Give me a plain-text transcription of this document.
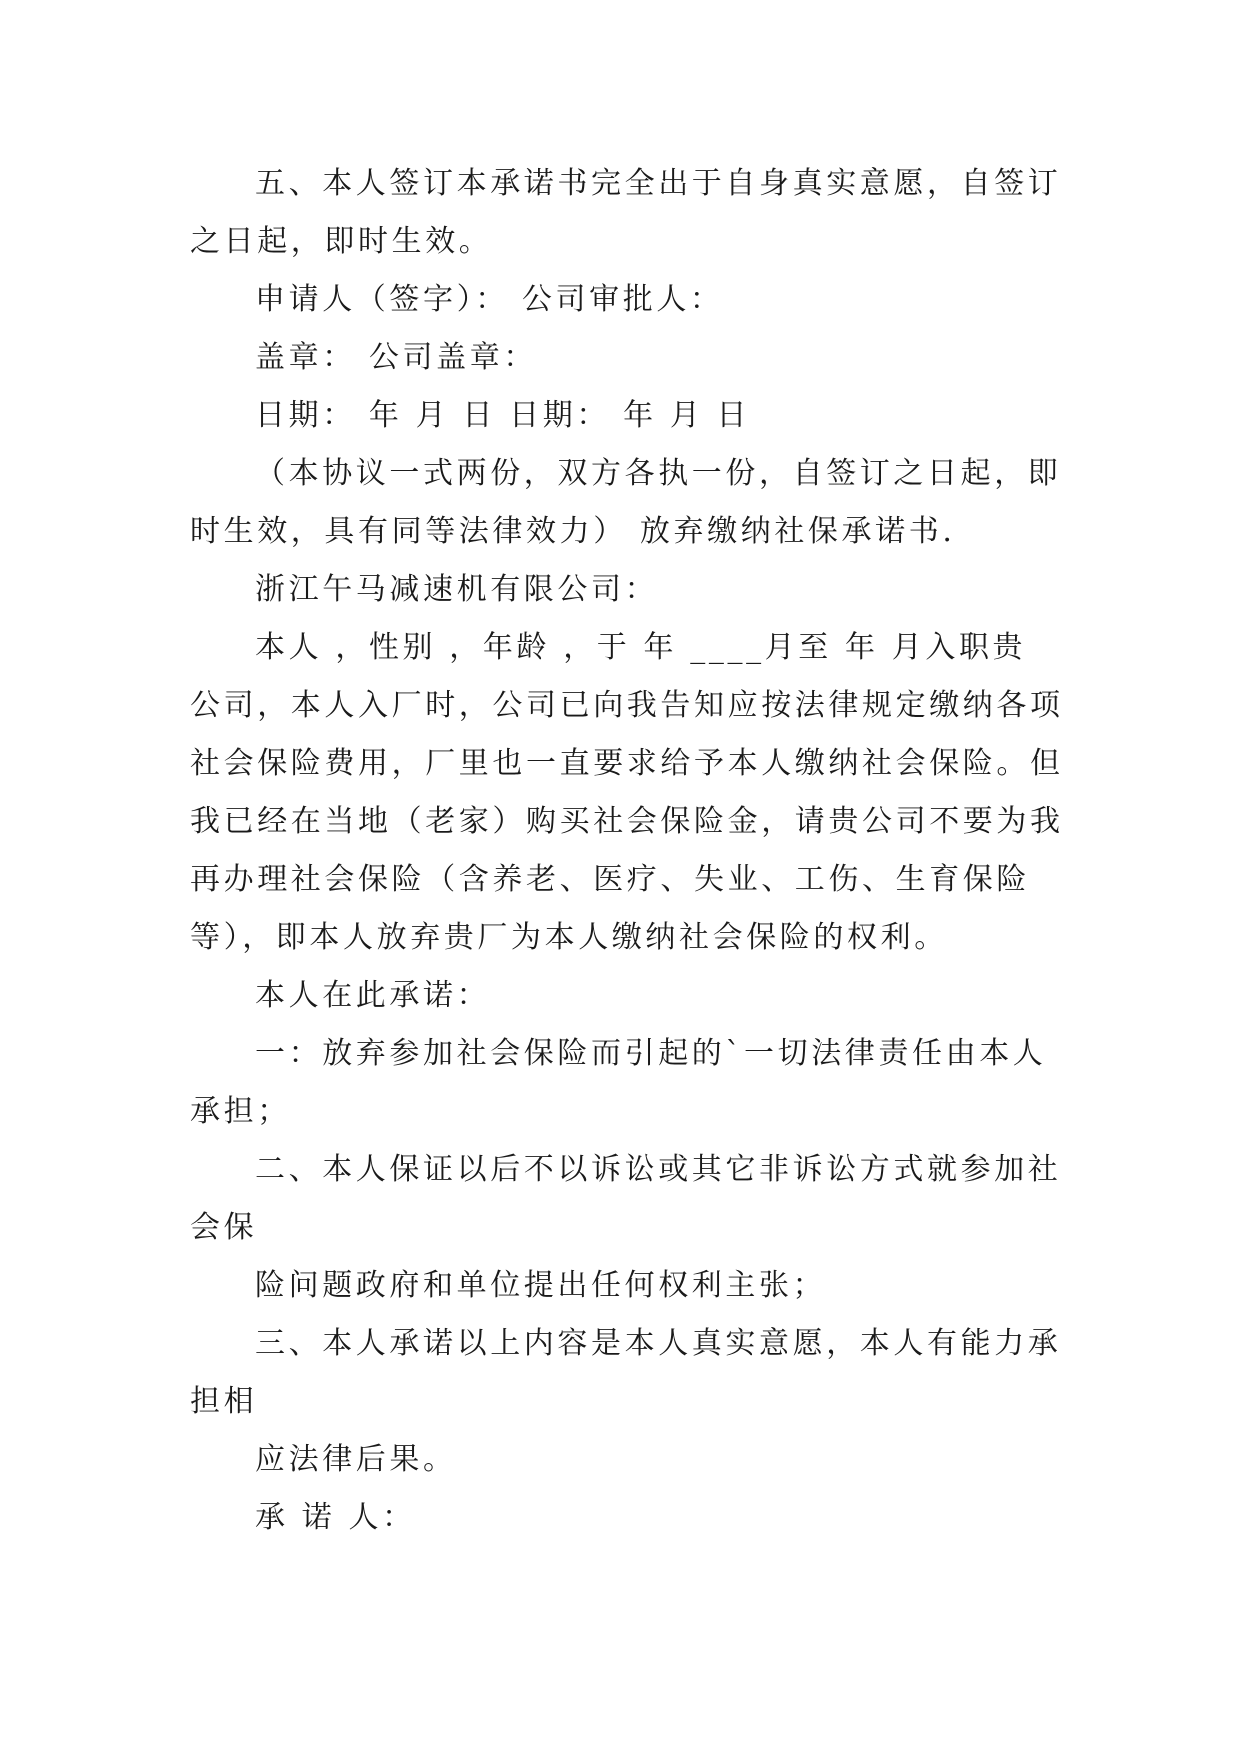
五、本人签订本承诺书完全出于自身真实意愿，自签订
之日起，即时生效。
申请人（签字）： 公司审批人：
盖章： 公司盖章：
日期： 年 月 日 日期： 年 月 日
（本协议一式两份，双方各执一份，自签订之日起，即
时生效，具有同等法律效力） 放弃缴纳社保承诺书.
浙江午马减速机有限公司：
本人 ，性别 ，年龄 ，于 年 ____月至 年 月入职贵
公司，本人入厂时，公司已向我告知应按法律规定缴纳各项
社会保险费用，厂里也一直要求给予本人缴纳社会保险。但
我已经在当地（老家）购买社会保险金，请贵公司不要为我
再办理社会保险（含养老、医疗、失业、工伤、生育保险
等），即本人放弃贵厂为本人缴纳社会保险的权利。
本人在此承诺：
一：放弃参加社会保险而引起的`一切法律责任由本人
承担；
二、本人保证以后不以诉讼或其它非诉讼方式就参加社
会保
险问题政府和单位提出任何权利主张；
三、本人承诺以上内容是本人真实意愿，本人有能力承
担相
应法律后果。
承 诺 人：
